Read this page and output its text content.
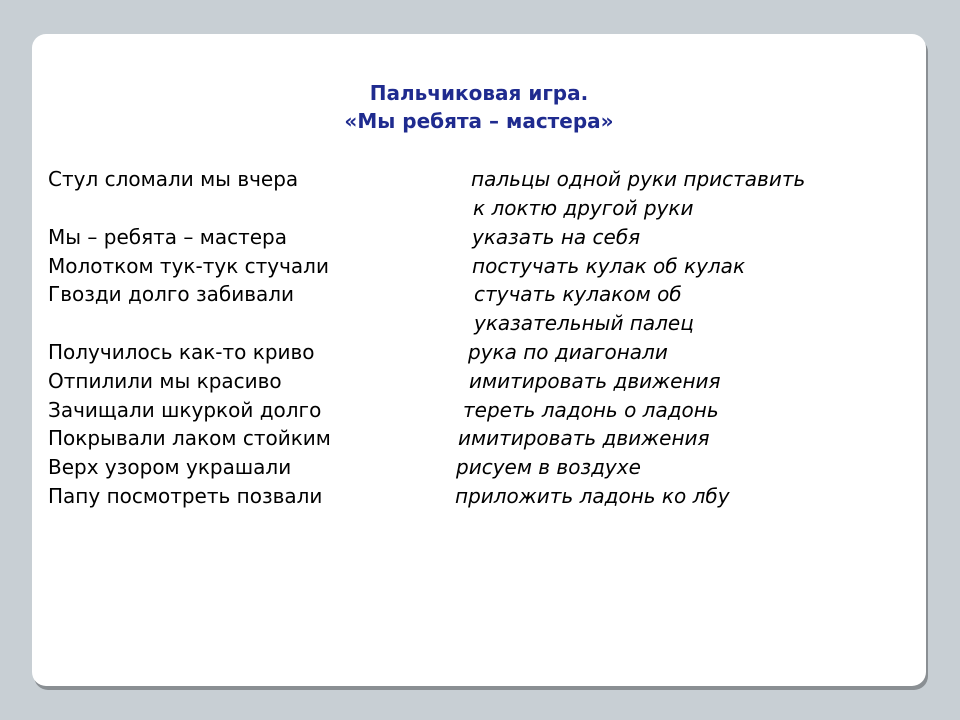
Пальчиковая игра.
«Мы ребята – мастера»
Стул сломали мы вчера
Мы – ребята – мастера
Молотком тук-тук стучали
Гвозди долго забивали
Получилось как-то криво
Отпилили мы красиво
Зачищали шкуркой долго
Покрывали лаком стойким
Верх узором украшали
Папу посмотреть позвали
пальцы одной руки приставить
к локтю другой руки
указать на себя
постучать кулак об кулак
стучать кулаком об
указательный палец
рука по диагонали
имитировать движения
тереть ладонь о ладонь
имитировать движения
рисуем в воздухе
приложить ладонь ко лбу
